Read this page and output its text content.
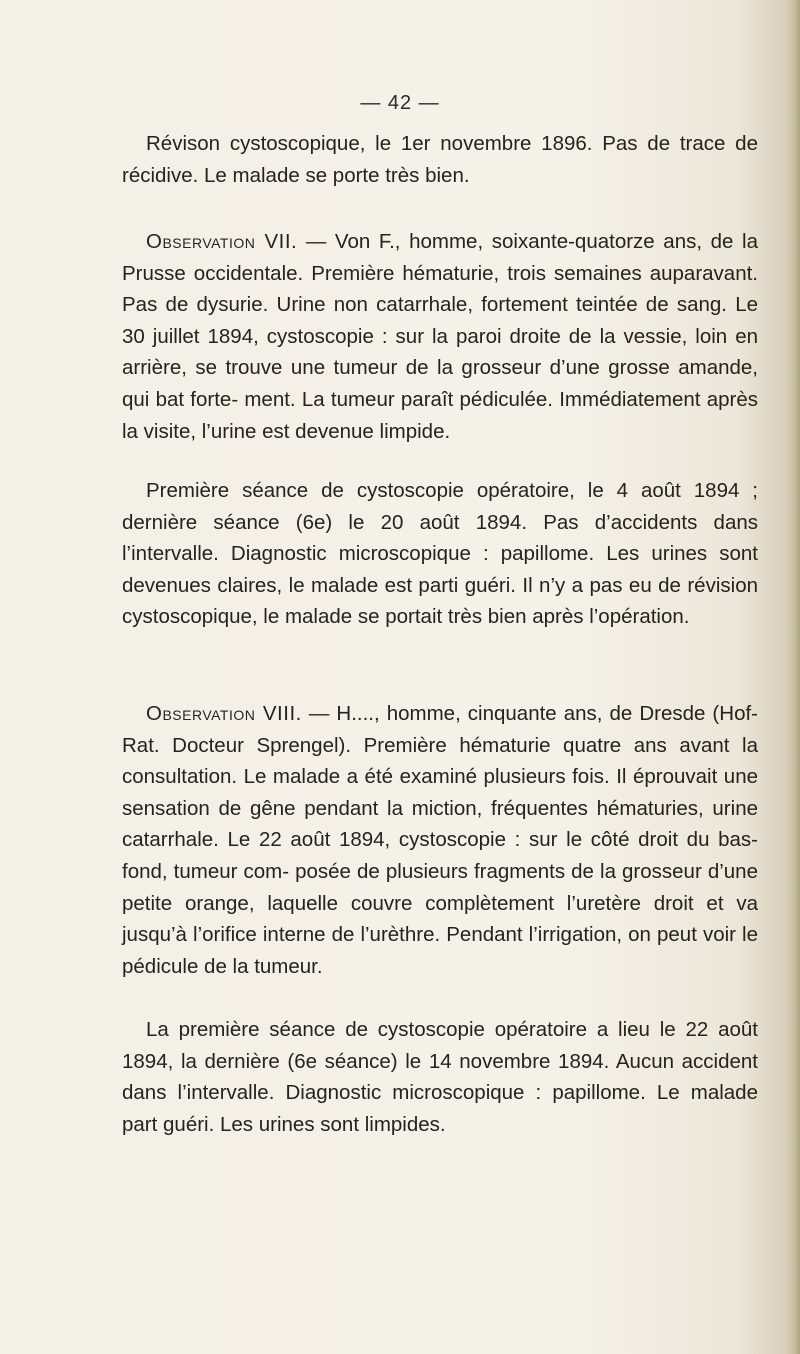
— 42 —

Révison cystoscopique, le 1er novembre 1896. Pas de trace de récidive. Le malade se porte très bien.

Observation VII. — Von F., homme, soixante-quatorze ans, de la Prusse occidentale. Première hématurie, trois semaines auparavant. Pas de dysurie. Urine non catarrhale, fortement teintée de sang. Le 30 juillet 1894, cystoscopie : sur la paroi droite de la vessie, loin en arrière, se trouve une tumeur de la grosseur d’une grosse amande, qui bat forte- ment. La tumeur paraît pédiculée. Immédiatement après la visite, l’urine est devenue limpide.

Première séance de cystoscopie opératoire, le 4 août 1894 ; dernière séance (6e) le 20 août 1894. Pas d’accidents dans l’intervalle. Diagnostic microscopique : papillome. Les urines sont devenues claires, le malade est parti guéri. Il n’y a pas eu de révision cystoscopique, le malade se portait très bien après l’opération.

Observation VIII. — H...., homme, cinquante ans, de Dresde (Hof-Rat. Docteur Sprengel). Première hématurie quatre ans avant la consultation. Le malade a été examiné plusieurs fois. Il éprouvait une sensation de gêne pendant la miction, fréquentes hématuries, urine catarrhale. Le 22 août 1894, cystoscopie : sur le côté droit du bas-fond, tumeur com- posée de plusieurs fragments de la grosseur d’une petite orange, laquelle couvre complètement l’uretère droit et va jusqu’à l’orifice interne de l’urèthre. Pendant l’irrigation, on peut voir le pédicule de la tumeur.

La première séance de cystoscopie opératoire a lieu le 22 août 1894, la dernière (6e séance) le 14 novembre 1894. Aucun accident dans l’intervalle. Diagnostic microscopique : papillome. Le malade part guéri. Les urines sont limpides.
